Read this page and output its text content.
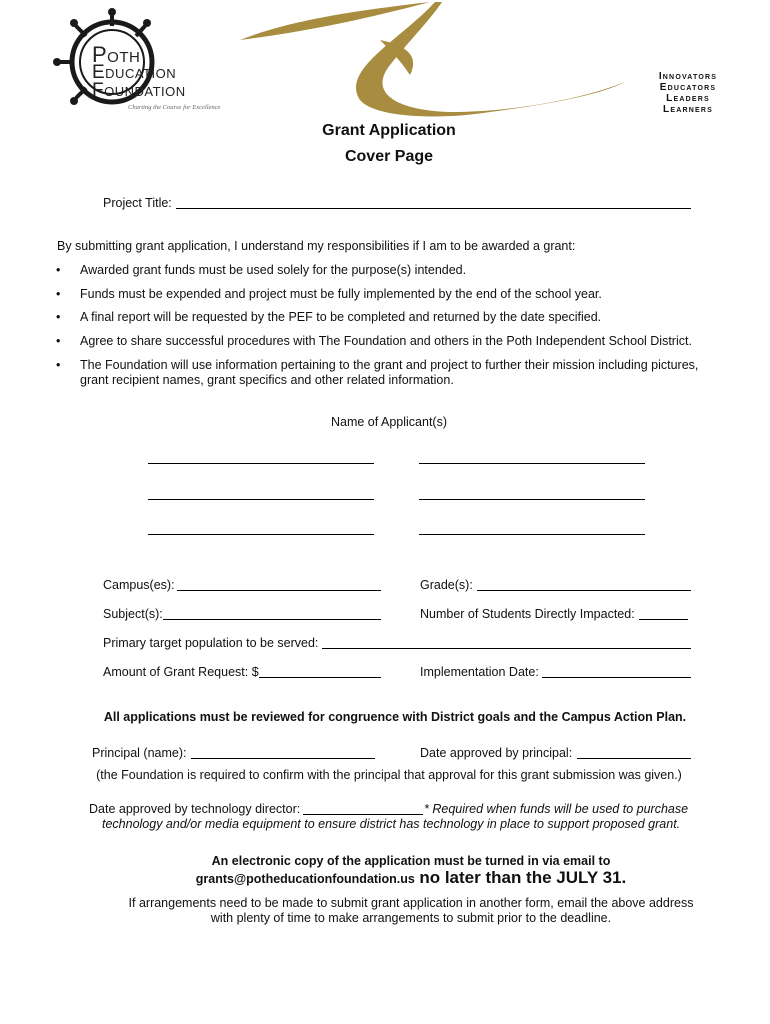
Poth
Education
Foundation
Charting the Course for Excellence
Innovators
Educators
Leaders
Learners
Grant Application
Cover Page
Project Title:
By submitting grant application, I understand my responsibilities if I am to be awarded a grant:
• Awarded grant funds must be used solely for the purpose(s) intended.
• Funds must be expended and project must be fully implemented by the end of the school year.
• A final report will be requested by the PEF to be completed and returned by the date specified.
• Agree to share successful procedures with The Foundation and others in the Poth Independent School District.
• The Foundation will use information pertaining to the grant and project to further their mission including pictures, grant recipient names, grant specifics and other related information.
Name of Applicant(s)
Campus(es):	Grade(s):
Subject(s):	Number of Students Directly Impacted:
Primary target population to be served:
Amount of Grant Request: $	Implementation Date:
All applications must be reviewed for congruence with District goals and the Campus Action Plan.
Principal (name):	Date approved by principal:
(the Foundation is required to confirm with the principal that approval for this grant submission was given.)
Date approved by technology director:	* Required when funds will be used to purchase
technology and/or media equipment to ensure district has technology in place to support proposed grant.
An electronic copy of the application must be turned in via email to
grants@potheducationfoundation.us no later than the JULY 31.
If arrangements need to be made to submit grant application in another form, email the above address
with plenty of time to make arrangements to submit prior to the deadline.
